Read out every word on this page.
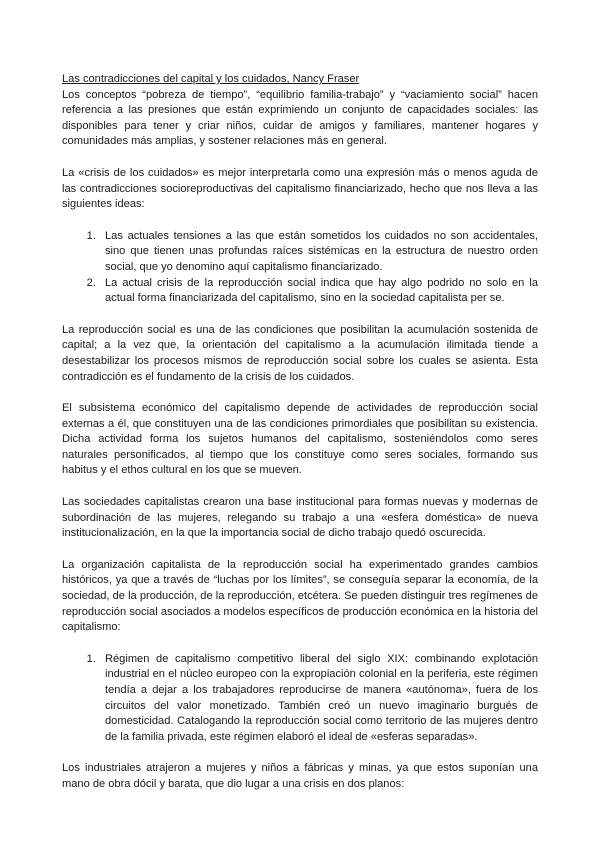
Las contradicciones del capital y los cuidados, Nancy Fraser

Los conceptos “pobreza de tiempo”, “equilibrio familia-trabajo” y “vaciamiento social” hacen referencia a las presiones que están exprimiendo un conjunto de capacidades sociales: las disponibles para tener y criar niños, cuidar de amigos y familiares, mantener hogares y comunidades más amplias, y sostener relaciones más en general.

La «crisis de los cuidados» es mejor interpretarla como una expresión más o menos aguda de las contradicciones socioreproductivas del capitalismo financiarizado, hecho que nos lleva a las siguientes ideas:

1. Las actuales tensiones a las que están sometidos los cuidados no son accidentales, sino que tienen unas profundas raíces sistémicas en la estructura de nuestro orden social, que yo denomino aquí capitalismo financiarizado.
2. La actual crisis de la reproducción social indica que hay algo podrido no solo en la actual forma financiarizada del capitalismo, sino en la sociedad capitalista per se.

La reproducción social es una de las condiciones que posibilitan la acumulación sostenida de capital; a la vez que, la orientación del capitalismo a la acumulación ilimitada tiende a desestabilizar los procesos mismos de reproducción social sobre los cuales se asienta. Esta contradicción es el fundamento de la crisis de los cuidados.

El subsistema económico del capitalismo depende de actividades de reproducción social externas a él, que constituyen una de las condiciones primordiales que posibilitan su existencia. Dicha actividad forma los sujetos humanos del capitalismo, sosteniéndolos como seres naturales personificados, al tiempo que los constituye como seres sociales, formando sus habitus y el ethos cultural en los que se mueven.

Las sociedades capitalistas crearon una base institucional para formas nuevas y modernas de subordinación de las mujeres, relegando su trabajo a una «esfera doméstica» de nueva institucionalización, en la que la importancia social de dicho trabajo quedó oscurecida.

La organización capitalista de la reproducción social ha experimentado grandes cambios históricos, ya que a través de “luchas por los límites”, se conseguía separar la economía, de la sociedad, de la producción, de la reproducción, etcétera. Se pueden distinguir tres regímenes de reproducción social asociados a modelos específicos de producción económica en la historia del capitalismo:

1. Régimen de capitalismo competitivo liberal del siglo XIX: combinando explotación industrial en el núcleo europeo con la expropiación colonial en la periferia, este régimen tendía a dejar a los trabajadores reproducirse de manera «autónoma», fuera de los circuitos del valor monetizado. También creó un nuevo imaginario burgués de domesticidad. Catalogando la reproducción social como territorio de las mujeres dentro de la familia privada, este régimen elaboró el ideal de «esferas separadas».

Los industriales atrajeron a mujeres y niños a fábricas y minas, ya que estos suponían una mano de obra dócil y barata, que dio lugar a una crisis en dos planos:
